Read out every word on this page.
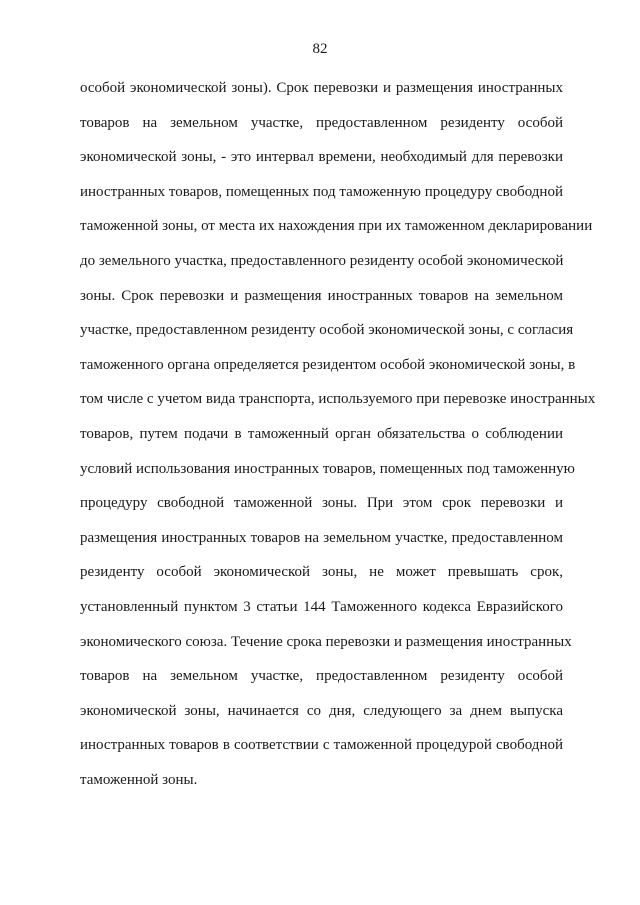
82
особой экономической зоны). Срок перевозки и размещения иностранных
товаров на земельном участке, предоставленном резиденту особой
экономической зоны, - это интервал времени, необходимый для перевозки
иностранных товаров, помещенных под таможенную процедуру свободной
таможенной зоны, от места их нахождения при их таможенном декларировании
до земельного участка, предоставленного резиденту особой экономической
зоны. Срок перевозки и размещения иностранных товаров на земельном
участке, предоставленном резиденту особой экономической зоны, с согласия
таможенного органа определяется резидентом особой экономической зоны, в
том числе с учетом вида транспорта, используемого при перевозке иностранных
товаров, путем подачи в таможенный орган обязательства о соблюдении
условий использования иностранных товаров, помещенных под таможенную
процедуру свободной таможенной зоны. При этом срок перевозки и
размещения иностранных товаров на земельном участке, предоставленном
резиденту особой экономической зоны, не может превышать срок,
установленный пунктом 3 статьи 144 Таможенного кодекса Евразийского
экономического союза. Течение срока перевозки и размещения иностранных
товаров на земельном участке, предоставленном резиденту особой
экономической зоны, начинается со дня, следующего за днем выпуска
иностранных товаров в соответствии с таможенной процедурой свободной
таможенной зоны.
